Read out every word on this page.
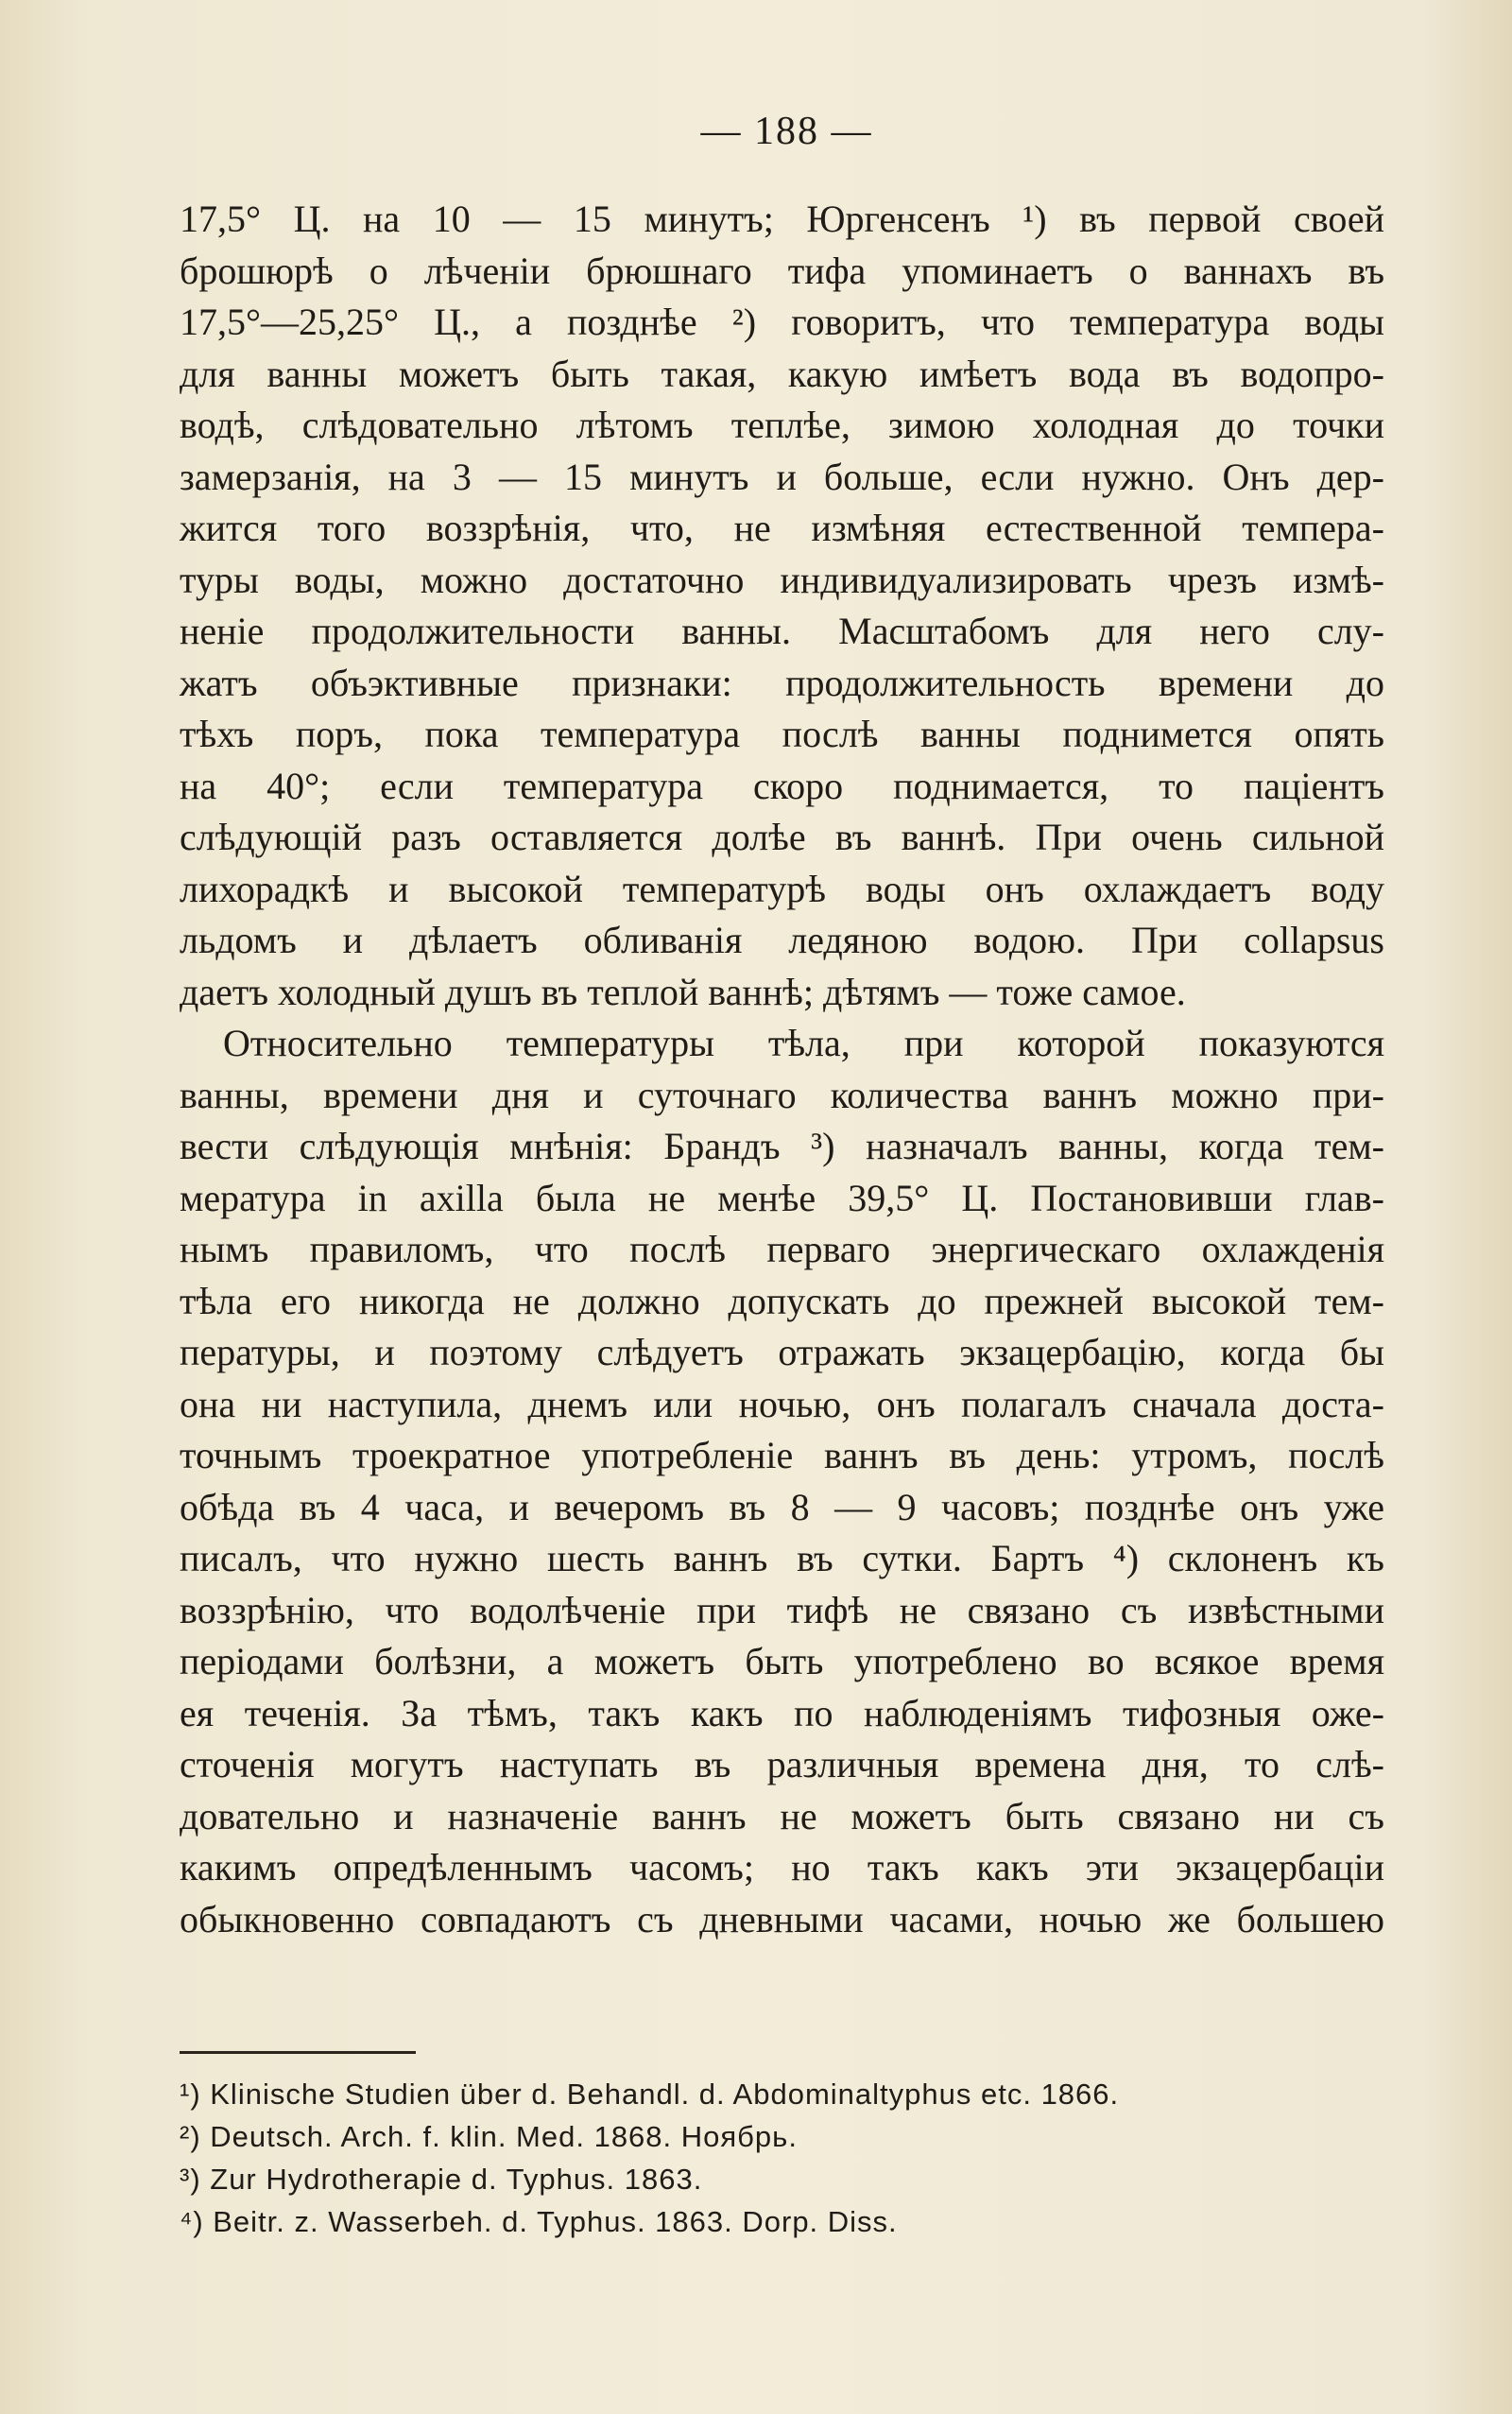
— 188 —
17,5° Ц. на 10 — 15 минутъ; Юргенсенъ ¹) въ первой своей
брошюрѣ о лѣченіи брюшнаго тифа упоминаетъ о ваннахъ въ
17,5°—25,25° Ц., а позднѣе ²) говоритъ, что температура воды
для ванны можетъ быть такая, какую имѣетъ вода въ водопро-
водѣ, слѣдовательно лѣтомъ теплѣе, зимою холодная до точки
замерзанія, на 3 — 15 минутъ и больше, если нужно. Онъ дер-
жится того воззрѣнія, что, не измѣняя естественной темпера-
туры воды, можно достаточно индивидуализировать чрезъ измѣ-
неніе продолжительности ванны. Масштабомъ для него слу-
жатъ объэктивные признаки: продолжительность времени до
тѣхъ поръ, пока температура послѣ ванны поднимется опять
на 40°; если температура скоро поднимается, то паціентъ
слѣдующій разъ оставляется долѣе въ ваннѣ. При очень сильной
лихорадкѣ и высокой температурѣ воды онъ охлаждаетъ воду
льдомъ и дѣлаетъ обливанія ледяною водою. При collapsus
даетъ холодный душъ въ теплой ваннѣ; дѣтямъ — тоже самое.
Относительно температуры тѣла, при которой показуются
ванны, времени дня и суточнаго количества ваннъ можно при-
вести слѣдующія мнѣнія: Брандъ ³) назначалъ ванны, когда тем-
мература in axilla была не менѣе 39,5° Ц. Постановивши глав-
нымъ правиломъ, что послѣ перваго энергическаго охлажденія
тѣла его никогда не должно допускать до прежней высокой тем-
пературы, и поэтому слѣдуетъ отражать экзацербацію, когда бы
она ни наступила, днемъ или ночью, онъ полагалъ сначала доста-
точнымъ троекратное употребленіе ваннъ въ день: утромъ, послѣ
обѣда въ 4 часа, и вечеромъ въ 8 — 9 часовъ; позднѣе онъ уже
писалъ, что нужно шесть ваннъ въ сутки. Бартъ ⁴) склоненъ къ
воззрѣнію, что водолѣченіе при тифѣ не связано съ извѣстными
періодами болѣзни, а можетъ быть употреблено во всякое время
ея теченія. За тѣмъ, такъ какъ по наблюденіямъ тифозныя оже-
сточенія могутъ наступать въ различныя времена дня, то слѣ-
довательно и назначеніе ваннъ не можетъ быть связано ни съ
какимъ опредѣленнымъ часомъ; но такъ какъ эти экзацербаціи
обыкновенно совпадаютъ съ дневными часами, ночью же большею
¹) Klinische Studien über d. Behandl. d. Abdominaltyphus etc. 1866.
²) Deutsch. Arch. f. klin. Med. 1868. Ноябрь.
³) Zur Hydrotherapie d. Typhus. 1863.
⁴) Beitr. z. Wasserbeh. d. Typhus. 1863. Dorp. Diss.
